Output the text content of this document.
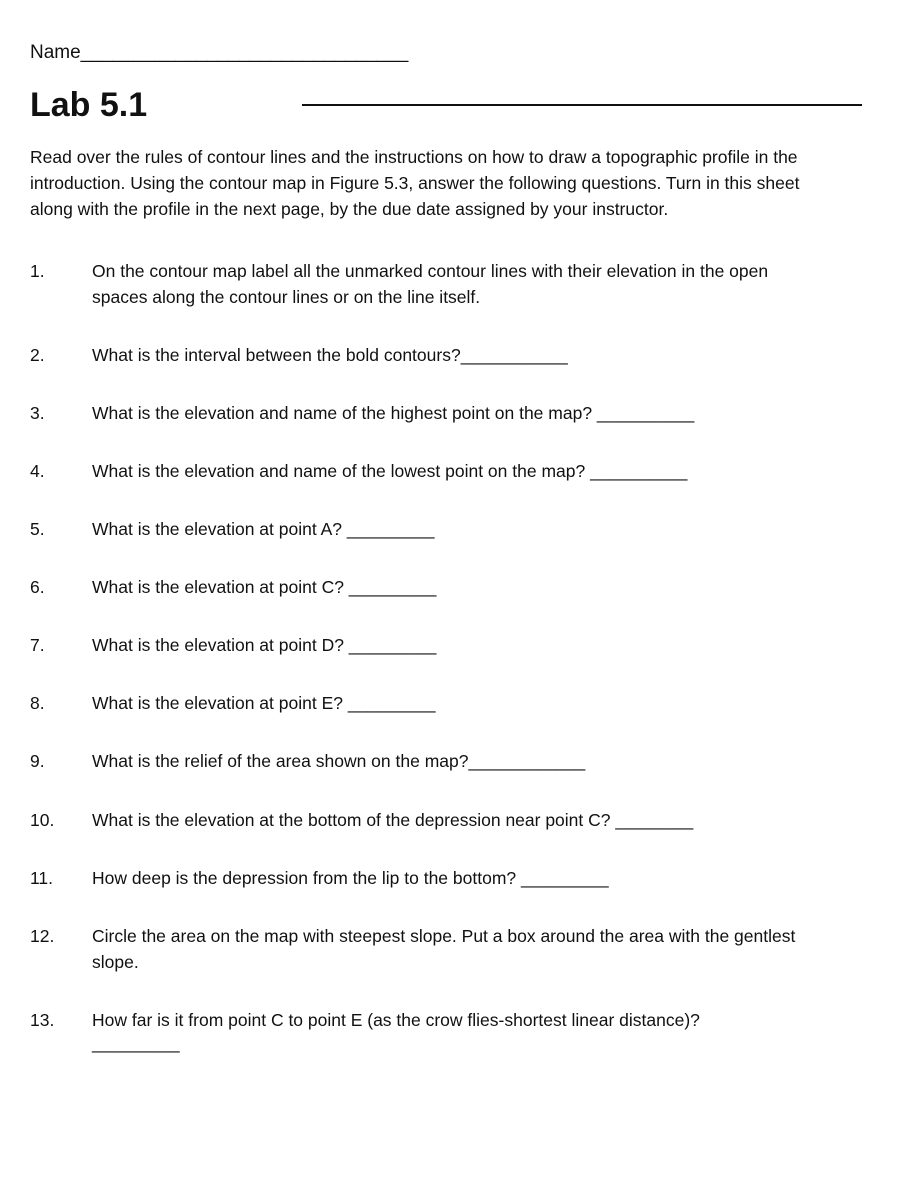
Name_______________________________
Lab 5.1

Read over the rules of contour lines and the instructions on how to draw a topographic profile in the introduction. Using the contour map in Figure 5.3, answer the following questions. Turn in this sheet along with the profile in the next page, by the due date assigned by your instructor.

1.	On the contour map label all the unmarked contour lines with their elevation in the open spaces along the contour lines or on the line itself.
2.	What is the interval between the bold contours?___________
3.	What is the elevation and name of the highest point on the map? __________
4.	What is the elevation and name of the lowest point on the map? __________
5.	What is the elevation at point A? _________
6.	What is the elevation at point C? _________
7.	What is the elevation at point D? _________
8.	What is the elevation at point E? _________
9.	What is the relief of the area shown on the map?____________
10. What is the elevation at the bottom of the depression near point C? ________
11. How deep is the depression from the lip to the bottom? _________
12. Circle the area on the map with steepest slope. Put a box around the area with the gentlest slope.
13. How far is it from point C to point E (as the crow flies-shortest linear distance)?
_________
